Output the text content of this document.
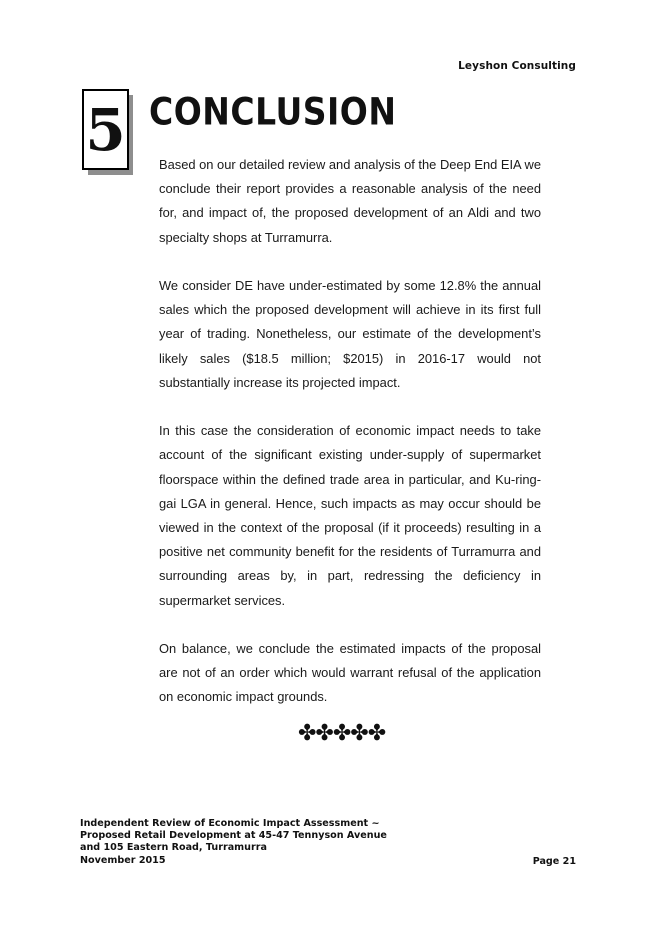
Leyshon Consulting
5 CONCLUSION

Based on our detailed review and analysis of the Deep End EIA we conclude their report provides a reasonable analysis of the need for, and impact of, the proposed development of an Aldi and two specialty shops at Turramurra.

We consider DE have under-estimated by some 12.8% the annual sales which the proposed development will achieve in its first full year of trading. Nonetheless, our estimate of the development’s likely sales ($18.5 million; $2015) in 2016-17 would not substantially increase its projected impact.

In this case the consideration of economic impact needs to take account of the significant existing under-supply of supermarket floorspace within the defined trade area in particular, and Ku-ring-gai LGA in general. Hence, such impacts as may occur should be viewed in the context of the proposal (if it proceeds) resulting in a positive net community benefit for the residents of Turramurra and surrounding areas by, in part, redressing the deficiency in supermarket services.

On balance, we conclude the estimated impacts of the proposal are not of an order which would warrant refusal of the application on economic impact grounds.

✤✤✤✤✤
Independent Review of Economic Impact Assessment ~
Proposed Retail Development at 45-47 Tennyson Avenue
and 105 Eastern Road, Turramurra
November 2015	Page 21
